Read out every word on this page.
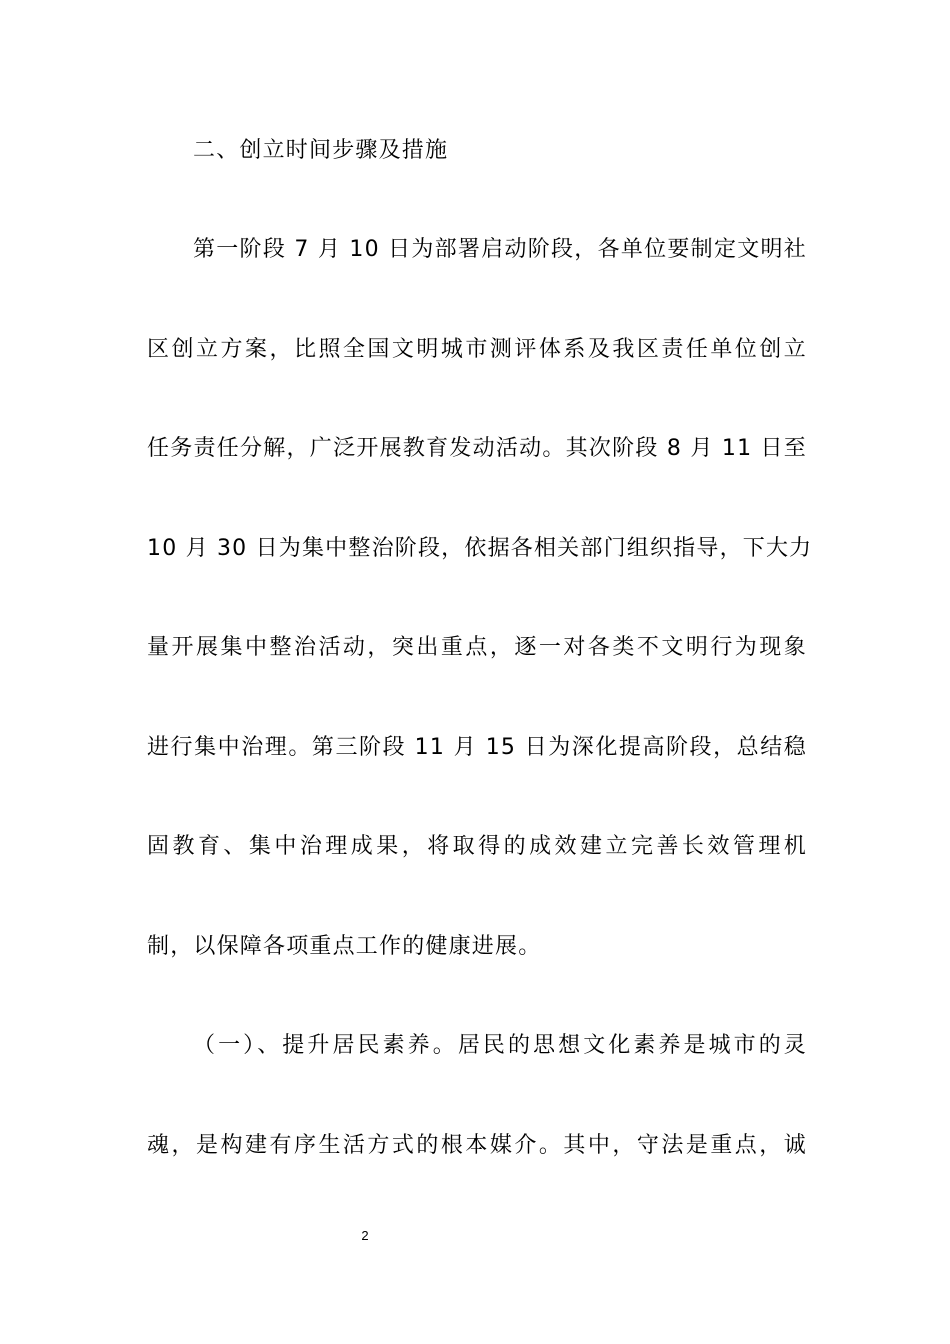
二、创立时间步骤及措施
第一阶段 7 月 10 日为部署启动阶段，各单位要制定文明社
区创立方案，比照全国文明城市测评体系及我区责任单位创立
任务责任分解，广泛开展教育发动活动。其次阶段 8 月 11 日至
10 月 30 日为集中整治阶段，依据各相关部门组织指导，下大力
量开展集中整治活动，突出重点，逐一对各类不文明行为现象
进行集中治理。第三阶段 11 月 15 日为深化提高阶段，总结稳
固教育、集中治理成果，将取得的成效建立完善长效管理机
制，以保障各项重点工作的健康进展。
（一）、提升居民素养。居民的思想文化素养是城市的灵
魂，是构建有序生活方式的根本媒介。其中，守法是重点，诚
2
